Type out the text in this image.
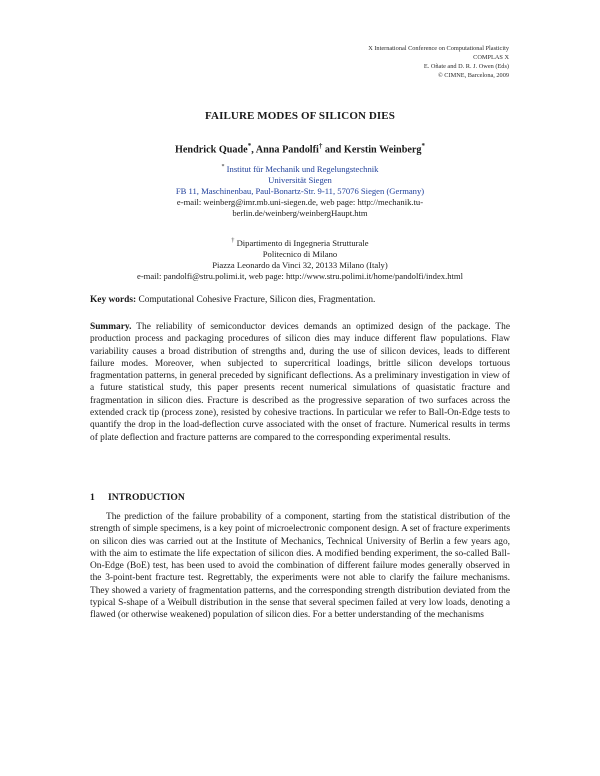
X International Conference on Computational Plasticity
COMPLAS X
E. Oñate and D. R. J. Owen (Eds)
© CIMNE, Barcelona, 2009
FAILURE MODES OF SILICON DIES
Hendrick Quade*, Anna Pandolfi† and Kerstin Weinberg*
* Institut für Mechanik und Regelungstechnik
Universität Siegen
FB 11, Maschinenbau, Paul-Bonartz-Str. 9-11, 57076 Siegen (Germany)
e-mail: weinberg@imr.mb.uni-siegen.de, web page: http://mechanik.tu-
berlin.de/weinberg/weinbergHaupt.htm
† Dipartimento di Ingegneria Strutturale
Politecnico di Milano
Piazza Leonardo da Vinci 32, 20133 Milano (Italy)
e-mail: pandolfi@stru.polimi.it, web page: http://www.stru.polimi.it/home/pandolfi/index.html
Key words: Computational Cohesive Fracture, Silicon dies, Fragmentation.
Summary. The reliability of semiconductor devices demands an optimized design of the package. The production process and packaging procedures of silicon dies may induce different flaw populations. Flaw variability causes a broad distribution of strengths and, during the use of silicon devices, leads to different failure modes. Moreover, when subjected to supercritical loadings, brittle silicon develops tortuous fragmentation patterns, in general preceded by significant deflections. As a preliminary investigation in view of a future statistical study, this paper presents recent numerical simulations of quasistatic fracture and fragmentation in silicon dies. Fracture is described as the progressive separation of two surfaces across the extended crack tip (process zone), resisted by cohesive tractions. In particular we refer to Ball-On-Edge tests to quantify the drop in the load-deflection curve associated with the onset of fracture. Numerical results in terms of plate deflection and fracture patterns are compared to the corresponding experimental results.
1 INTRODUCTION
The prediction of the failure probability of a component, starting from the statistical distribution of the strength of simple specimens, is a key point of microelectronic component design. A set of fracture experiments on silicon dies was carried out at the Institute of Mechanics, Technical University of Berlin a few years ago, with the aim to estimate the life expectation of silicon dies. A modified bending experiment, the so-called Ball-On-Edge (BoE) test, has been used to avoid the combination of different failure modes generally observed in the 3-point-bent fracture test. Regrettably, the experiments were not able to clarify the failure mechanisms. They showed a variety of fragmentation patterns, and the corresponding strength distribution deviated from the typical S-shape of a Weibull distribution in the sense that several specimen failed at very low loads, denoting a flawed (or otherwise weakened) population of silicon dies. For a better understanding of the mechanisms
